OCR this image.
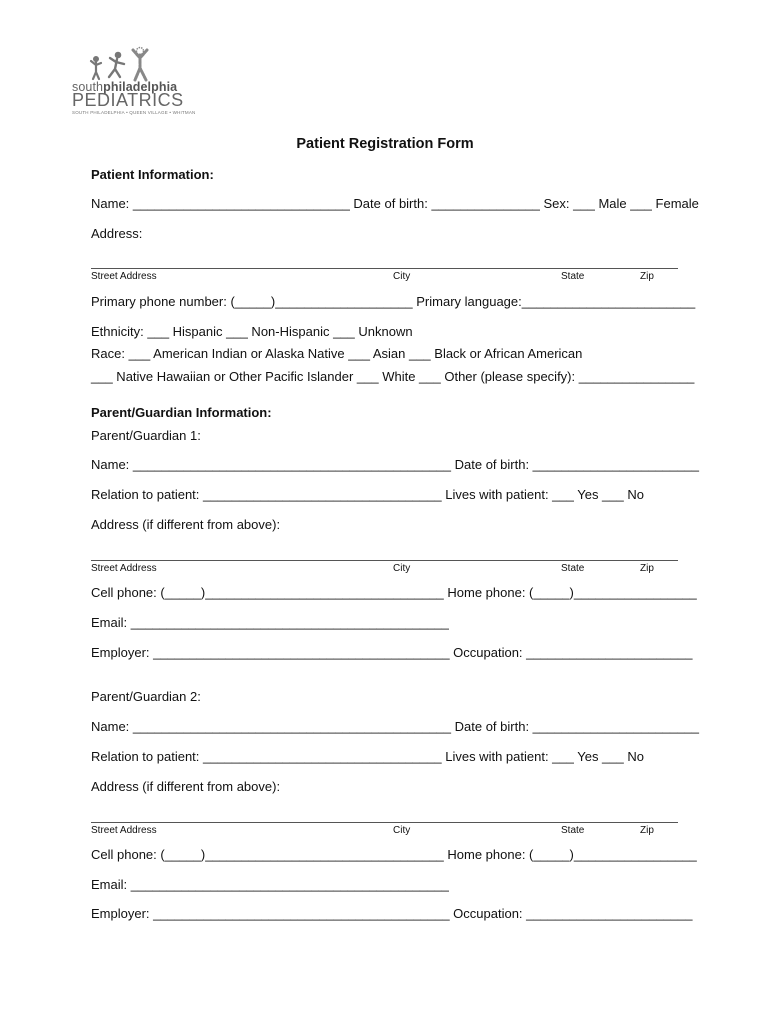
southphiladelphia
PEDIATRICS
SOUTH PHILADELPHIA • QUEEN VILLAGE • WHITMAN
Patient Registration Form
Patient Information:
Name: ______________________________ Date of birth: _______________ Sex: ___ Male ___ Female
Address:
Street Address	City	State	Zip
Primary phone number: (_____)___________________ Primary language:________________________
Ethnicity: ___ Hispanic ___ Non-Hispanic ___ Unknown
Race: ___ American Indian or Alaska Native ___ Asian ___ Black or African American
___ Native Hawaiian or Other Pacific Islander ___ White ___ Other (please specify): ________________
Parent/Guardian Information:
Parent/Guardian 1:
Name: ____________________________________________ Date of birth: _______________________
Relation to patient: _________________________________ Lives with patient: ___ Yes ___ No
Address (if different from above):
Street Address	City	State	Zip
Cell phone: (_____)_________________________________ Home phone: (_____)_________________
Email: ____________________________________________
Employer: _________________________________________ Occupation: _______________________
Parent/Guardian 2:
Name: ____________________________________________ Date of birth: _______________________
Relation to patient: _________________________________ Lives with patient: ___ Yes ___ No
Address (if different from above):
Street Address	City	State	Zip
Cell phone: (_____)_________________________________ Home phone: (_____)_________________
Email: ____________________________________________
Employer: _________________________________________ Occupation: _______________________
